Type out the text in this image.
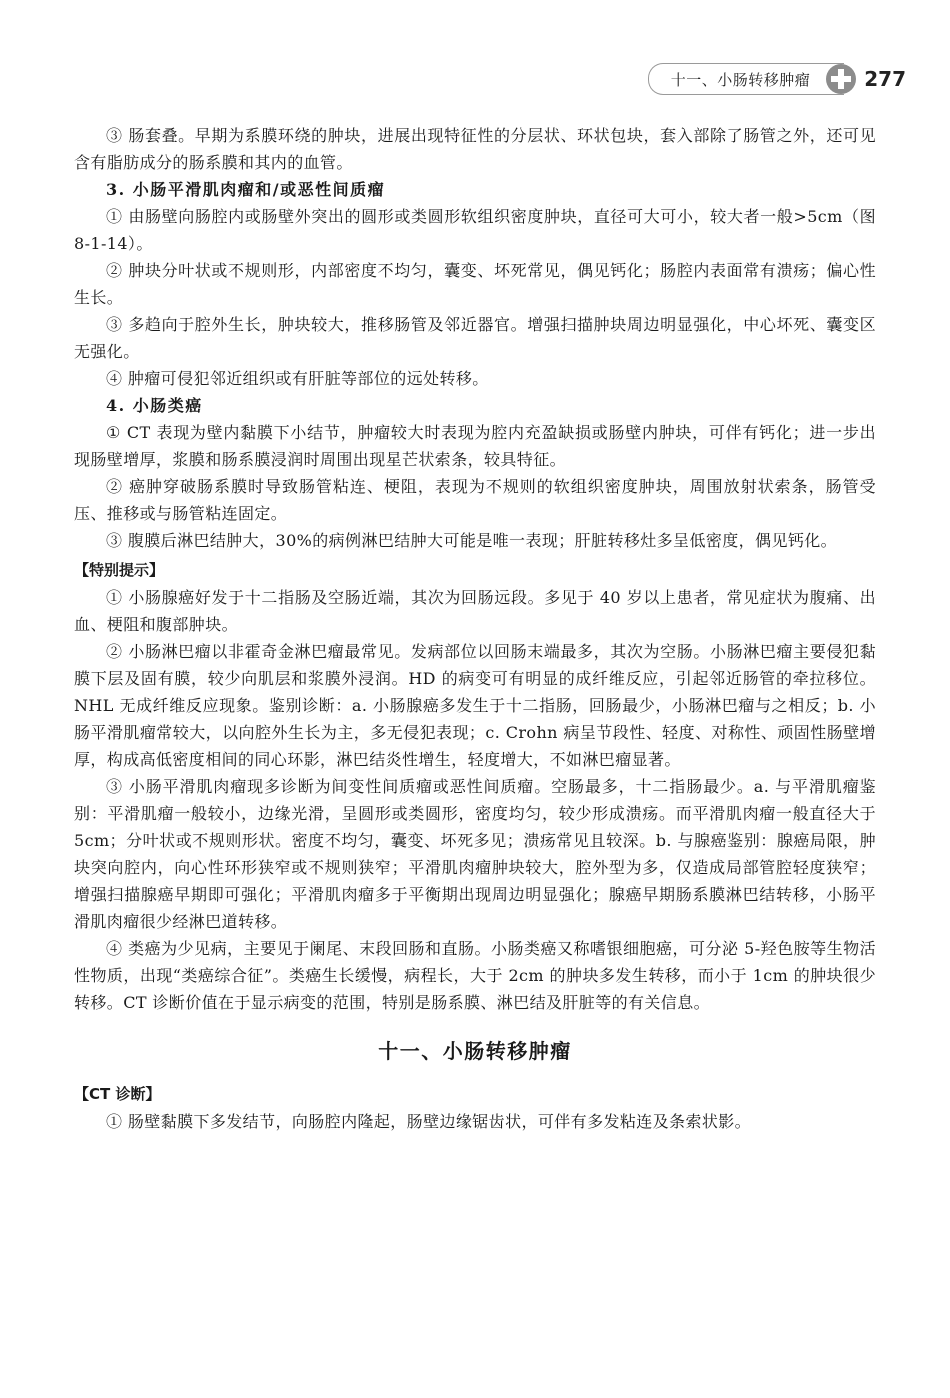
十一、小肠转移肿瘤	277

③ 肠套叠。早期为系膜环绕的肿块，进展出现特征性的分层状、环状包块，套入部除了肠管之外，还可见含有脂肪成分的肠系膜和其内的血管。

3. 小肠平滑肌肉瘤和/或恶性间质瘤

① 由肠壁向肠腔内或肠壁外突出的圆形或类圆形软组织密度肿块，直径可大可小，较大者一般>5cm（图 8-1-14）。

② 肿块分叶状或不规则形，内部密度不均匀，囊变、坏死常见，偶见钙化；肠腔内表面常有溃疡；偏心性生长。

③ 多趋向于腔外生长，肿块较大，推移肠管及邻近器官。增强扫描肿块周边明显强化，中心坏死、囊变区无强化。

④ 肿瘤可侵犯邻近组织或有肝脏等部位的远处转移。

4. 小肠类癌

① CT 表现为壁内黏膜下小结节，肿瘤较大时表现为腔内充盈缺损或肠壁内肿块，可伴有钙化；进一步出现肠壁增厚，浆膜和肠系膜浸润时周围出现星芒状索条，较具特征。

② 癌肿穿破肠系膜时导致肠管粘连、梗阻，表现为不规则的软组织密度肿块，周围放射状索条，肠管受压、推移或与肠管粘连固定。

③ 腹膜后淋巴结肿大，30%的病例淋巴结肿大可能是唯一表现；肝脏转移灶多呈低密度，偶见钙化。

【特别提示】

① 小肠腺癌好发于十二指肠及空肠近端，其次为回肠远段。多见于 40 岁以上患者，常见症状为腹痛、出血、梗阻和腹部肿块。

② 小肠淋巴瘤以非霍奇金淋巴瘤最常见。发病部位以回肠末端最多，其次为空肠。小肠淋巴瘤主要侵犯黏膜下层及固有膜，较少向肌层和浆膜外浸润。HD 的病变可有明显的成纤维反应，引起邻近肠管的牵拉移位。NHL 无成纤维反应现象。鉴别诊断：a. 小肠腺癌多发生于十二指肠，回肠最少，小肠淋巴瘤与之相反；b. 小肠平滑肌瘤常较大，以向腔外生长为主，多无侵犯表现；c. Crohn 病呈节段性、轻度、对称性、顽固性肠壁增厚，构成高低密度相间的同心环影，淋巴结炎性增生，轻度增大，不如淋巴瘤显著。

③ 小肠平滑肌肉瘤现多诊断为间变性间质瘤或恶性间质瘤。空肠最多，十二指肠最少。a. 与平滑肌瘤鉴别：平滑肌瘤一般较小，边缘光滑，呈圆形或类圆形，密度均匀，较少形成溃疡。而平滑肌肉瘤一般直径大于 5cm；分叶状或不规则形状。密度不均匀，囊变、坏死多见；溃疡常见且较深。b. 与腺癌鉴别：腺癌局限，肿块突向腔内，向心性环形狭窄或不规则狭窄；平滑肌肉瘤肿块较大，腔外型为多，仅造成局部管腔轻度狭窄；增强扫描腺癌早期即可强化；平滑肌肉瘤多于平衡期出现周边明显强化；腺癌早期肠系膜淋巴结转移，小肠平滑肌肉瘤很少经淋巴道转移。

④ 类癌为少见病，主要见于阑尾、末段回肠和直肠。小肠类癌又称嗜银细胞癌，可分泌 5-羟色胺等生物活性物质，出现“类癌综合征”。类癌生长缓慢，病程长，大于 2cm 的肿块多发生转移，而小于 1cm 的肿块很少转移。CT 诊断价值在于显示病变的范围，特别是肠系膜、淋巴结及肝脏等的有关信息。

十一、小肠转移肿瘤

【CT 诊断】

① 肠壁黏膜下多发结节，向肠腔内隆起，肠壁边缘锯齿状，可伴有多发粘连及条索状影。
